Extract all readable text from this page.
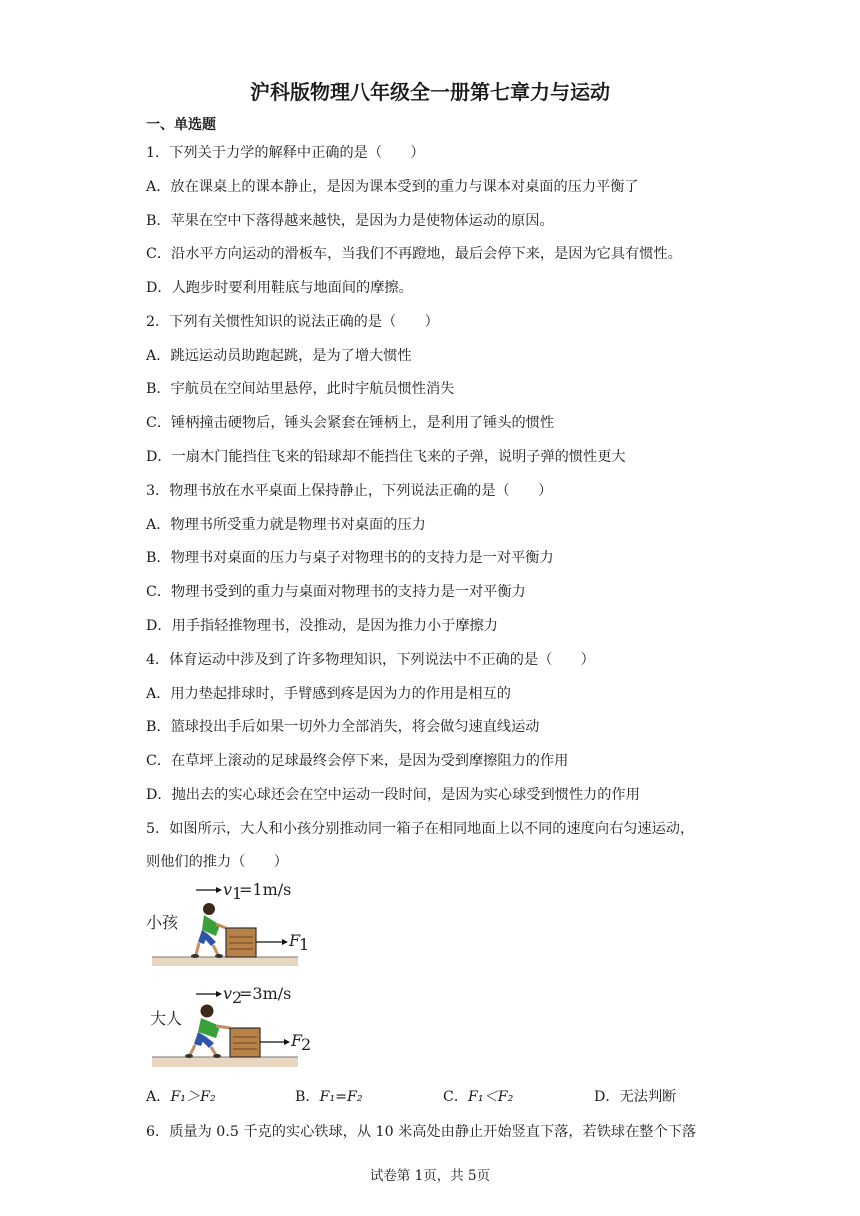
沪科版物理八年级全一册第七章力与运动
一、单选题
1．下列关于力学的解释中正确的是（　　）
A．放在课桌上的课本静止，是因为课本受到的重力与课本对桌面的压力平衡了
B．苹果在空中下落得越来越快，是因为力是使物体运动的原因。
C．沿水平方向运动的滑板车，当我们不再蹬地，最后会停下来，是因为它具有惯性。
D．人跑步时要利用鞋底与地面间的摩擦。
2．下列有关惯性知识的说法正确的是（　　）
A．跳远运动员助跑起跳，是为了增大惯性
B．宇航员在空间站里悬停，此时宇航员惯性消失
C．锤柄撞击硬物后，锤头会紧套在锤柄上，是利用了锤头的惯性
D．一扇木门能挡住飞来的铅球却不能挡住飞来的子弹，说明子弹的惯性更大
3．物理书放在水平桌面上保持静止，下列说法正确的是（　　）
A．物理书所受重力就是物理书对桌面的压力
B．物理书对桌面的压力与桌子对物理书的的支持力是一对平衡力
C．物理书受到的重力与桌面对物理书的支持力是一对平衡力
D．用手指轻推物理书，没推动，是因为推力小于摩擦力
4．体育运动中涉及到了许多物理知识，下列说法中不正确的是（　　）
A．用力垫起排球时，手臂感到疼是因为力的作用是相互的
B．篮球投出手后如果一切外力全部消失，将会做匀速直线运动
C．在草坪上滚动的足球最终会停下来，是因为受到摩擦阻力的作用
D．抛出去的实心球还会在空中运动一段时间，是因为实心球受到惯性力的作用
5．如图所示，大人和小孩分别推动同一箱子在相同地面上以不同的速度向右匀速运动，
则他们的推力（　　）
小孩
v 1
=1m/s
F
1
大人
v 2
=3m/s
F
2
A．F₁＞F₂	B．F₁=F₂	C．F₁＜F₂	D．无法判断
6．质量为 0.5 千克的实心铁球，从 10 米高处由静止开始竖直下落，若铁球在整个下落
试卷第 1页，共 5页
